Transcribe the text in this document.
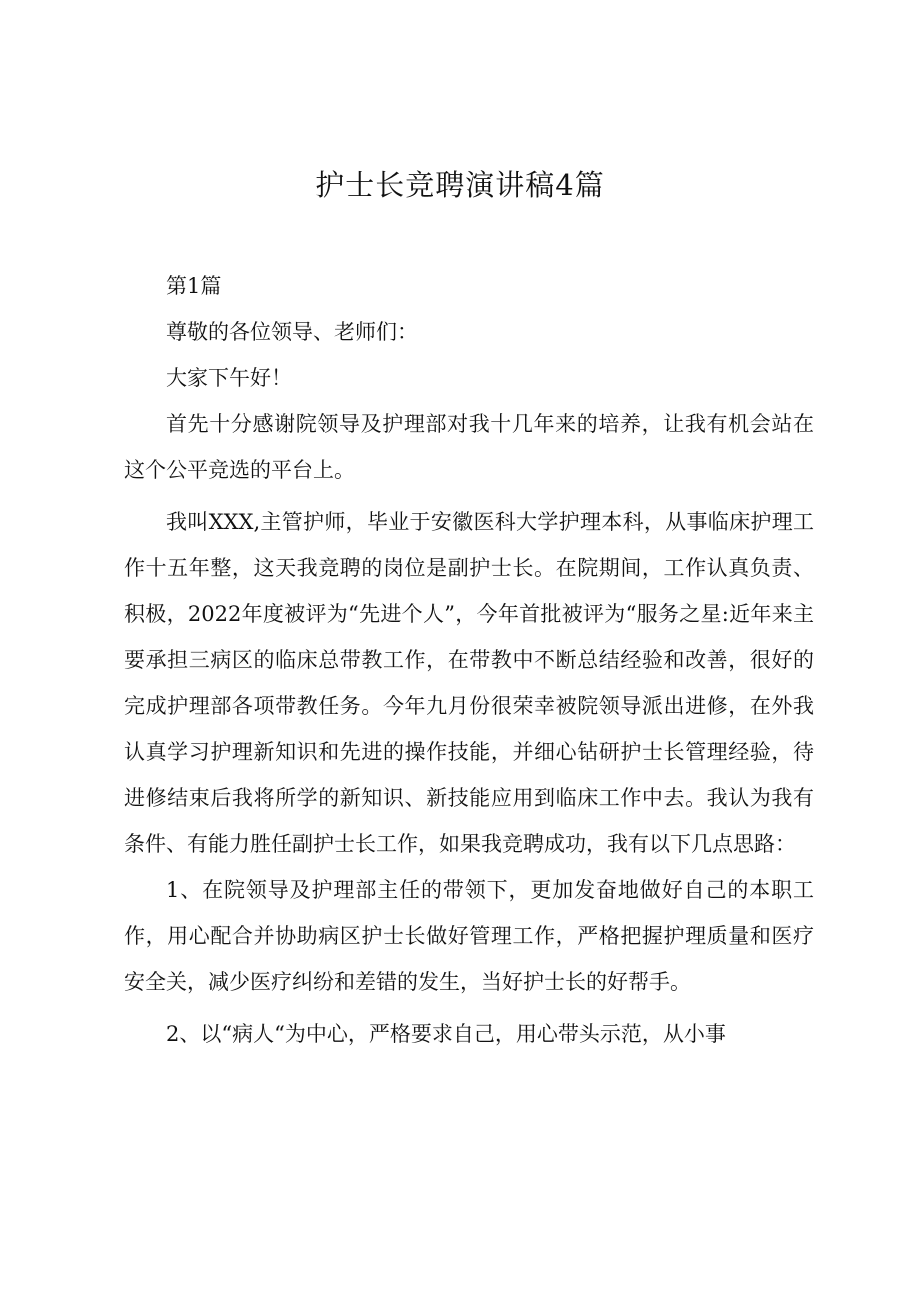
护士长竞聘演讲稿4篇

第1篇

尊敬的各位领导、老师们：

大家下午好！

首先十分感谢院领导及护理部对我十几年来的培养，让我有机会站在这个公平竞选的平台上。

我叫XXX,主管护师，毕业于安徽医科大学护理本科，从事临床护理工作十五年整，这天我竞聘的岗位是副护士长。在院期间，工作认真负责、积极，2022年度被评为“先进个人”，今年首批被评为“服务之星:近年来主要承担三病区的临床总带教工作，在带教中不断总结经验和改善，很好的完成护理部各项带教任务。今年九月份很荣幸被院领导派出进修，在外我认真学习护理新知识和先进的操作技能，并细心钻研护士长管理经验，待进修结束后我将所学的新知识、新技能应用到临床工作中去。我认为我有条件、有能力胜任副护士长工作，如果我竞聘成功，我有以下几点思路：

1、在院领导及护理部主任的带领下，更加发奋地做好自己的本职工作，用心配合并协助病区护士长做好管理工作，严格把握护理质量和医疗安全关，减少医疗纠纷和差错的发生，当好护士长的好帮手。

2、以“病人“为中心，严格要求自己，用心带头示范，从小事
